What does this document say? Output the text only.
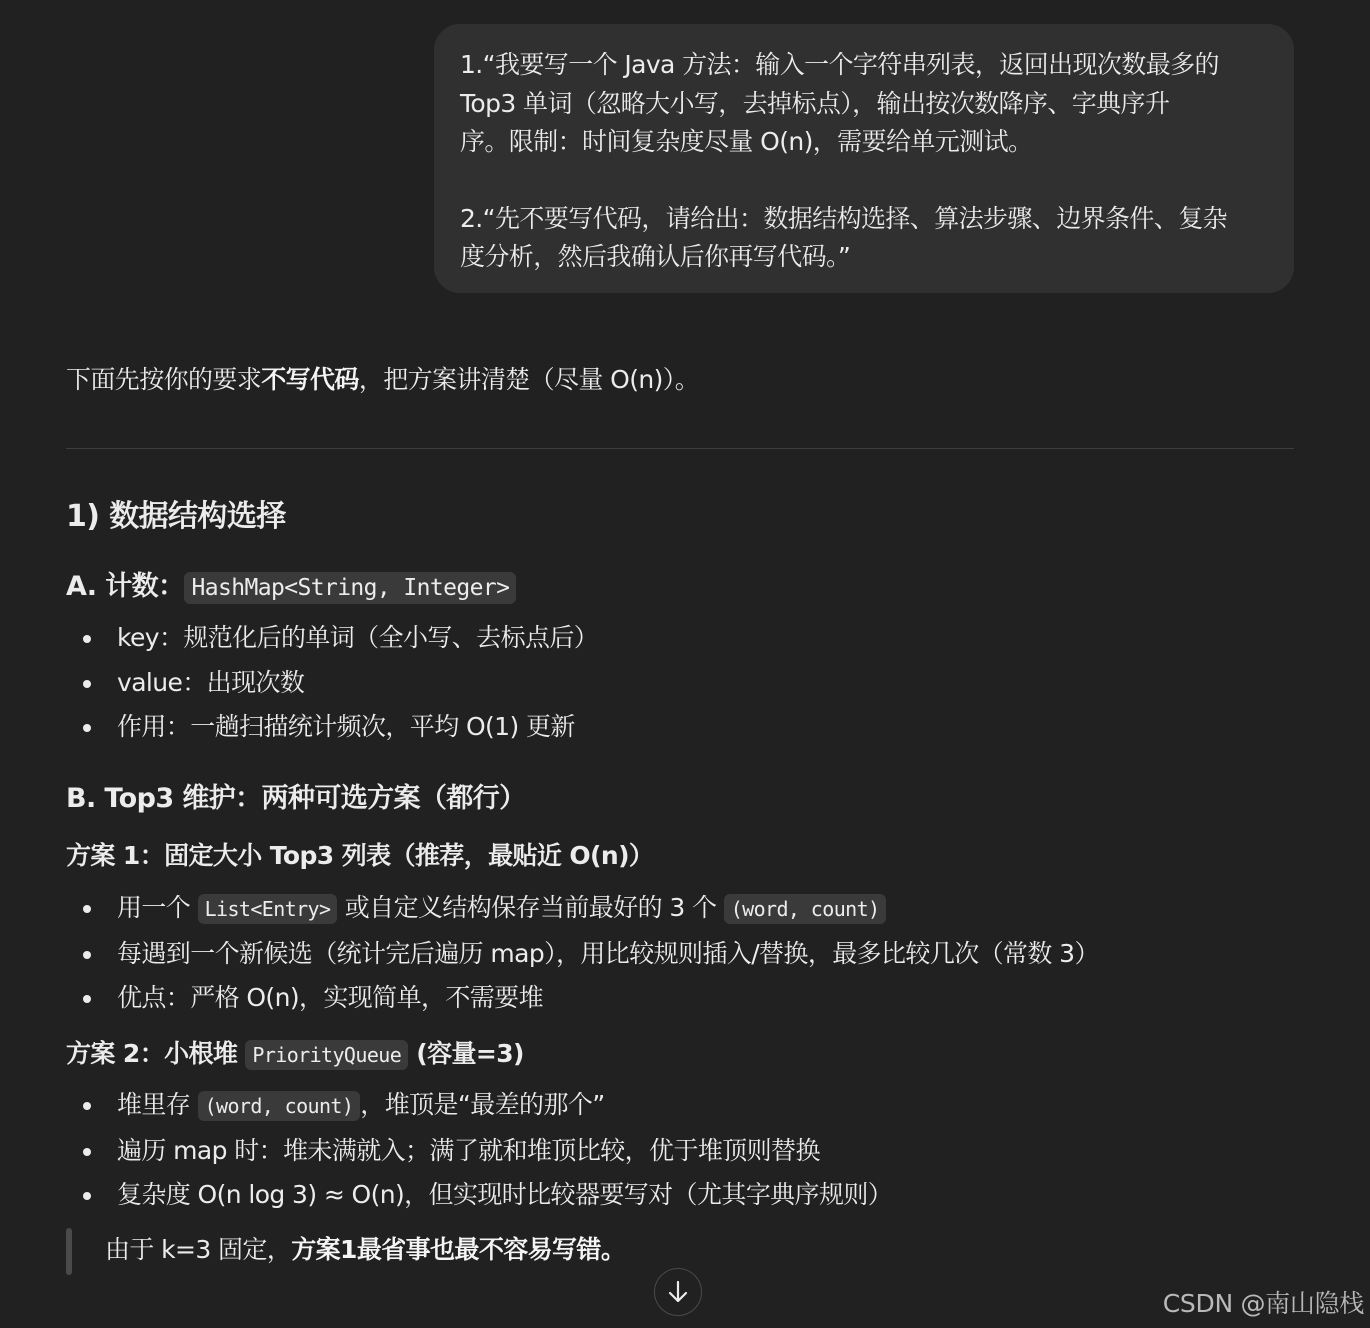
1.“我要写一个 Java 方法：输入一个字符串列表，返回出现次数最多的

Top3 单词（忽略大小写，去掉标点），输出按次数降序、字典序升

序。限制：时间复杂度尽量 O(n)，需要给单元测试。

2.“先不要写代码，请给出：数据结构选择、算法步骤、边界条件、复杂

度分析，然后我确认后你再写代码。”

下面先按你的要求不写代码，把方案讲清楚（尽量 O(n)）。

1) 数据结构选择
A. 计数： HashMap<String, Integer>
key：规范化后的单词（全小写、去标点后）
value：出现次数
作用：一趟扫描统计频次，平均 O(1) 更新
B. Top3 维护：两种可选方案（都行）
方案 1：固定大小 Top3 列表（推荐，最贴近 O(n)）
用一个 List<Entry> 或自定义结构保存当前最好的 3 个 (word, count)
每遇到一个新候选（统计完后遍历 map），用比较规则插入/替换，最多比较几次（常数 3）
优点：严格 O(n)，实现简单，不需要堆
方案 2：小根堆 PriorityQueue (容量=3)
堆里存 (word, count) ，堆顶是“最差的那个”
遍历 map 时：堆未满就入；满了就和堆顶比较，优于堆顶则替换
复杂度 O(n log 3) ≈ O(n)，但实现时比较器要写对（尤其字典序规则）
由于 k=3 固定，方案1最省事也最不容易写错。
CSDN @南山隐栈
